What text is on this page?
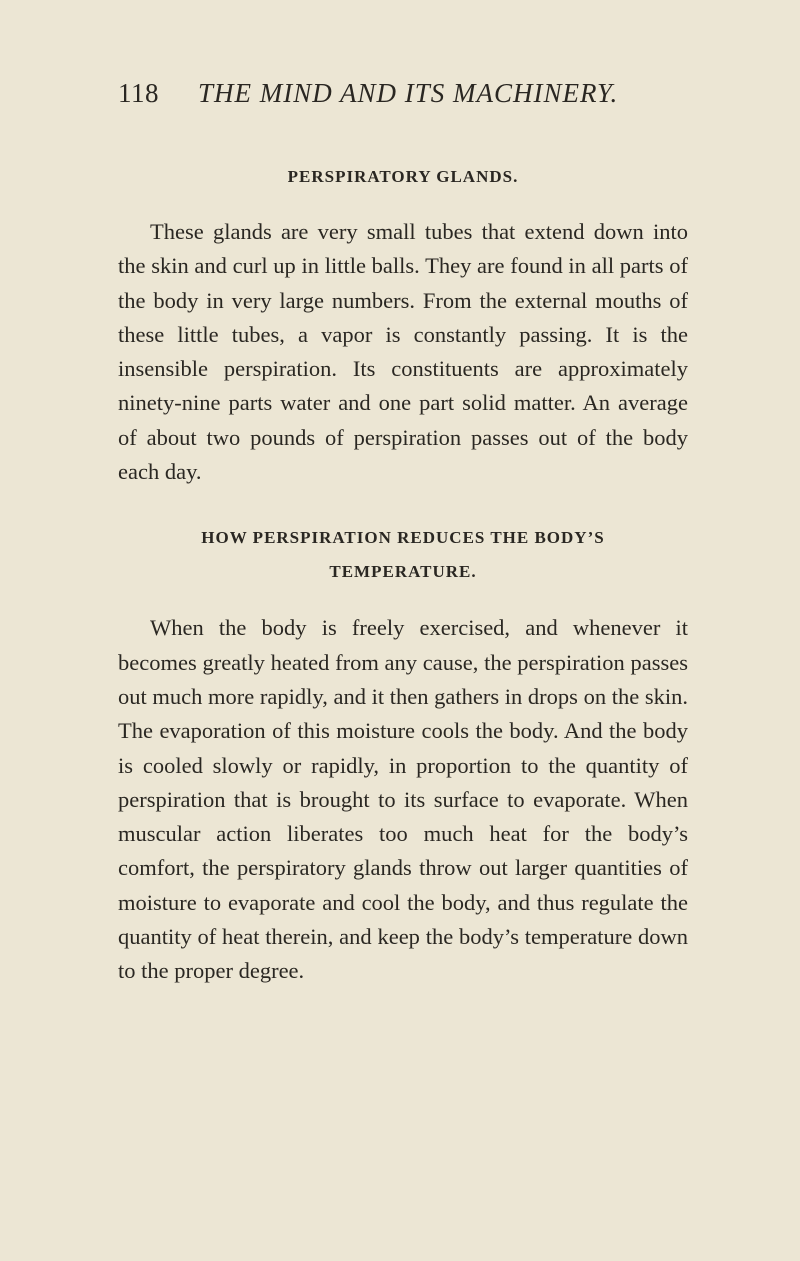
118 THE MIND AND ITS MACHINERY.
PERSPIRATORY GLANDS.

These glands are very small tubes that extend down into the skin and curl up in little balls. They are found in all parts of the body in very large numbers. From the external mouths of these little tubes, a vapor is constantly passing. It is the insensible perspiration. Its constituents are approximately ninety-nine parts water and one part solid matter. An average of about two pounds of perspiration passes out of the body each day.

HOW PERSPIRATION REDUCES THE BODY’S
TEMPERATURE.

When the body is freely exercised, and whenever it becomes greatly heated from any cause, the perspiration passes out much more rapidly, and it then gathers in drops on the skin. The evaporation of this moisture cools the body. And the body is cooled slowly or rapidly, in proportion to the quantity of perspiration that is brought to its surface to evaporate. When muscular action liberates too much heat for the body’s comfort, the perspiratory glands throw out larger quantities of moisture to evaporate and cool the body, and thus regulate the quantity of heat therein, and keep the body’s temperature down to the proper degree.
